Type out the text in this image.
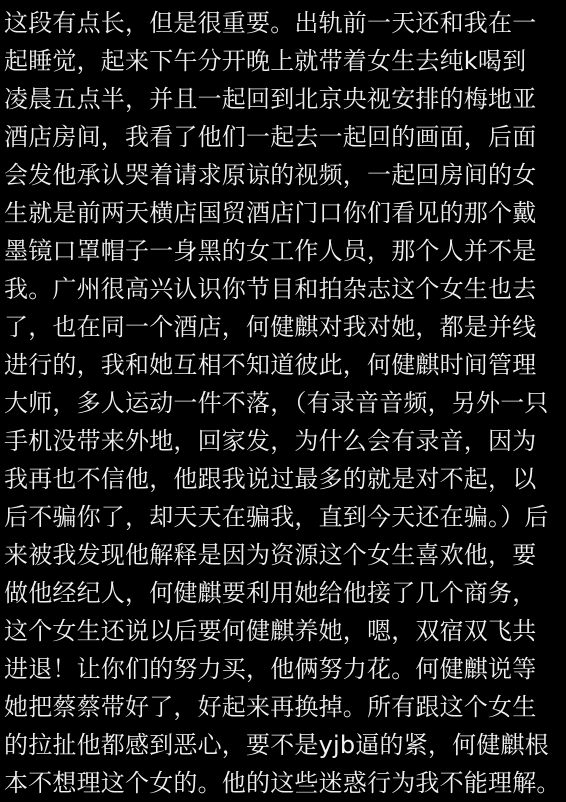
这段有点长，但是很重要。出轨前一天还和我在一
起睡觉，起来下午分开晚上就带着女生去纯k喝到
凌晨五点半，并且一起回到北京央视安排的梅地亚
酒店房间，我看了他们一起去一起回的画面，后面
会发他承认哭着请求原谅的视频，一起回房间的女
生就是前两天横店国贸酒店门口你们看见的那个戴
墨镜口罩帽子一身黑的女工作人员，那个人并不是
我。广州很高兴认识你节目和拍杂志这个女生也去
了，也在同一个酒店，何健麒对我对她，都是并线
进行的，我和她互相不知道彼此，何健麒时间管理
大师，多人运动一件不落，（有录音音频，另外一只
手机没带来外地，回家发，为什么会有录音，因为
我再也不信他，他跟我说过最多的就是对不起，以
后不骗你了，却天天在骗我，直到今天还在骗。）后
来被我发现他解释是因为资源这个女生喜欢他，要
做他经纪人，何健麒要利用她给他接了几个商务，
这个女生还说以后要何健麒养她，嗯，双宿双飞共
进退！让你们的努力买，他俩努力花。何健麒说等
她把蔡蔡带好了，好起来再换掉。所有跟这个女生
的拉扯他都感到恶心，要不是yjb逼的紧，何健麒根
本不想理这个女的。他的这些迷惑行为我不能理解。
